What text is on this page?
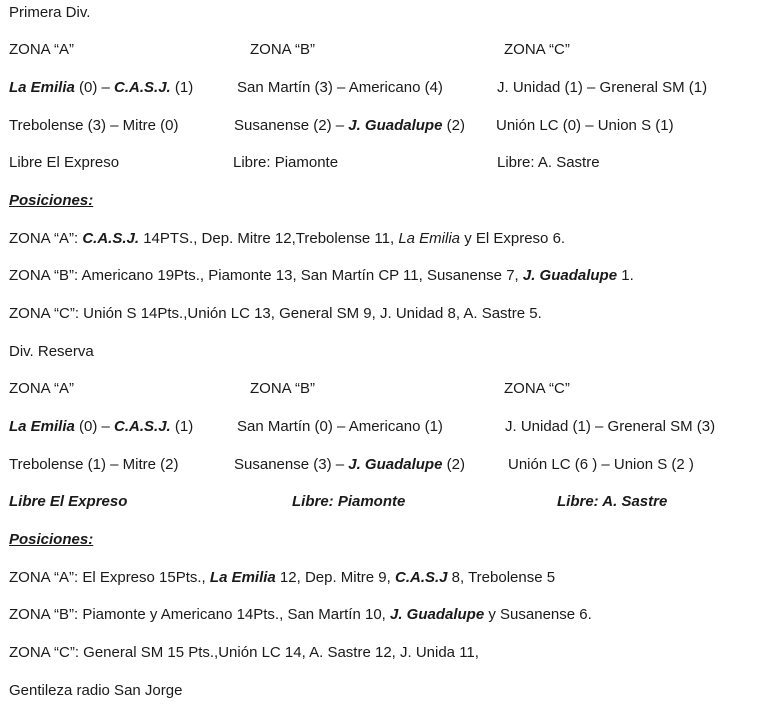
Primera Div.
ZONA “A”	ZONA “B”	ZONA “C”
La Emilia (0) – C.A.S.J. (1)	San Martín (3) – Americano (4)	J. Unidad (1) – Greneral SM (1)
Trebolense (3) – Mitre (0)	Susanense (2) – J. Guadalupe (2) Unión LC (0) – Union S (1)
Libre El Expreso	Libre: Piamonte	Libre: A. Sastre
Posiciones:
ZONA “A”: C.A.S.J. 14PTS., Dep. Mitre 12,Trebolense 11, La Emilia y El Expreso 6.
ZONA “B”: Americano 19Pts., Piamonte 13, San Martín CP 11, Susanense 7, J. Guadalupe 1.
ZONA “C”: Unión S 14Pts.,Unión LC 13, General SM 9, J. Unidad 8, A. Sastre 5.
Div. Reserva
ZONA “A”	ZONA “B”	ZONA “C”
La Emilia (0) – C.A.S.J. (1)	San Martín (0) – Americano (1)	J. Unidad (1) – Greneral SM (3)
Trebolense (1) – Mitre (2)	Susanense (3) – J. Guadalupe (2)	Unión LC (6 ) – Union S (2 )
Libre El Expreso	Libre: Piamonte	Libre: A. Sastre
Posiciones:
ZONA “A”: El Expreso 15Pts., La Emilia 12, Dep. Mitre 9, C.A.S.J 8, Trebolense 5
ZONA “B”: Piamonte y Americano 14Pts., San Martín 10, J. Guadalupe y Susanense 6.
ZONA “C”: General SM 15 Pts.,Unión LC 14, A. Sastre 12, J. Unida 11,
Gentileza radio San Jorge
